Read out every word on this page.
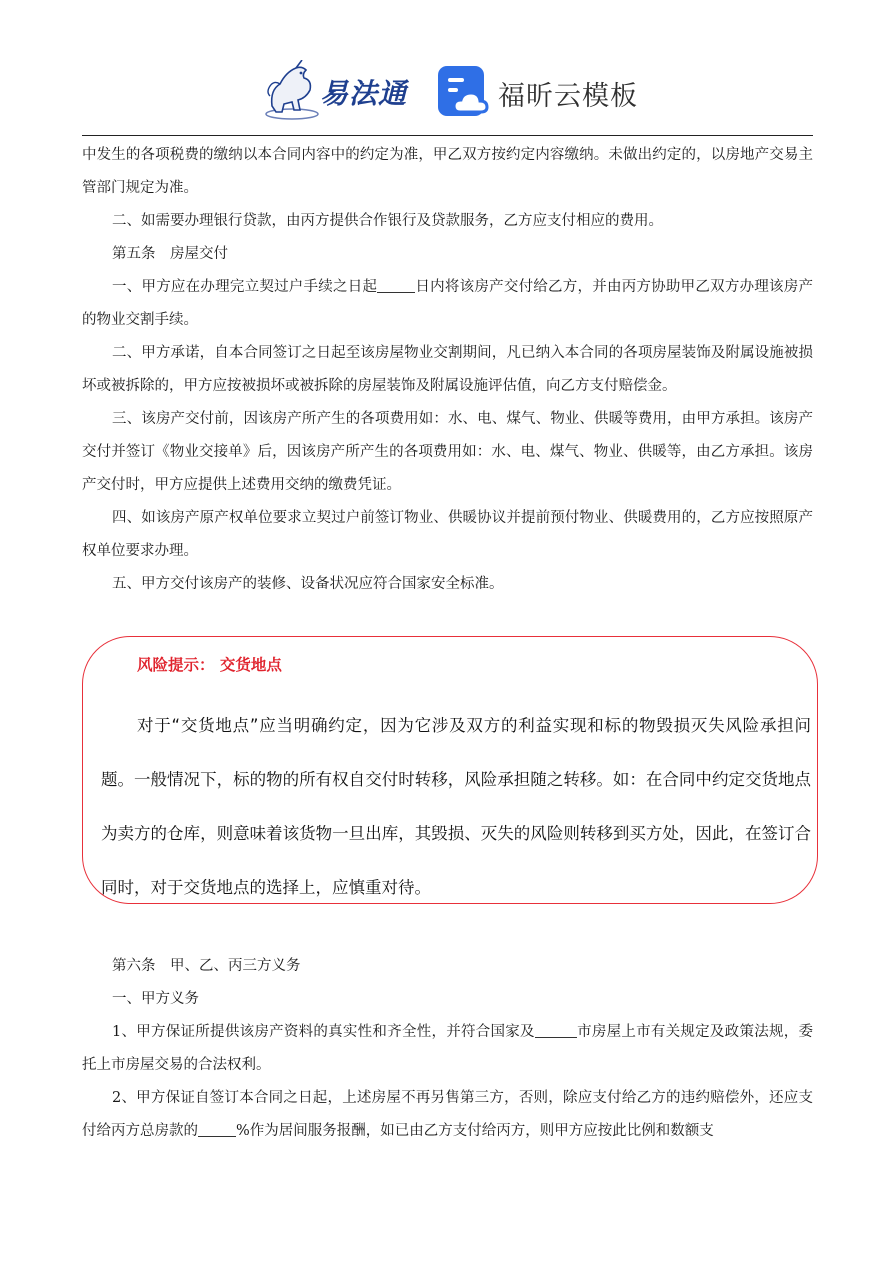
易法通	福昕云模板

中发生的各项税费的缴纳以本合同内容中的约定为准，甲乙双方按约定内容缴纳。未做出约定的，以房地产交易主管部门规定为准。

二、如需要办理银行贷款，由丙方提供合作银行及贷款服务，乙方应支付相应的费用。

第五条　房屋交付

一、甲方应在办理完立契过户手续之日起	日内将该房产交付给乙方，并由丙方协助甲乙双方办理该房产的物业交割手续。

二、甲方承诺，自本合同签订之日起至该房屋物业交割期间，凡已纳入本合同的各项房屋装饰及附属设施被损坏或被拆除的，甲方应按被损坏或被拆除的房屋装饰及附属设施评估值，向乙方支付赔偿金。

三、该房产交付前，因该房产所产生的各项费用如：水、电、煤气、物业、供暖等费用，由甲方承担。该房产交付并签订《物业交接单》后，因该房产所产生的各项费用如：水、电、煤气、物业、供暖等，由乙方承担。该房产交付时，甲方应提供上述费用交纳的缴费凭证。

四、如该房产原产权单位要求立契过户前签订物业、供暖协议并提前预付物业、供暖费用的，乙方应按照原产权单位要求办理。

五、甲方交付该房产的装修、设备状况应符合国家安全标准。

风险提示： 交货地点

对于“交货地点”应当明确约定，因为它涉及双方的利益实现和标的物毁损灭失风险承担问题。一般情况下，标的物的所有权自交付时转移，风险承担随之转移。如：在合同中约定交货地点为卖方的仓库，则意味着该货物一旦出库，其毁损、灭失的风险则转移到买方处，因此，在签订合同时，对于交货地点的选择上，应慎重对待。

第六条　甲、乙、丙三方义务

一、甲方义务

1、甲方保证所提供该房产资料的真实性和齐全性，并符合国家及	市房屋上市有关规定及政策法规，委托上市房屋交易的合法权利。

2、甲方保证自签订本合同之日起，上述房屋不再另售第三方，否则，除应支付给乙方的违约赔偿外，还应支付给丙方总房款的	%作为居间服务报酬，如已由乙方支付给丙方，则甲方应按此比例和数额支
